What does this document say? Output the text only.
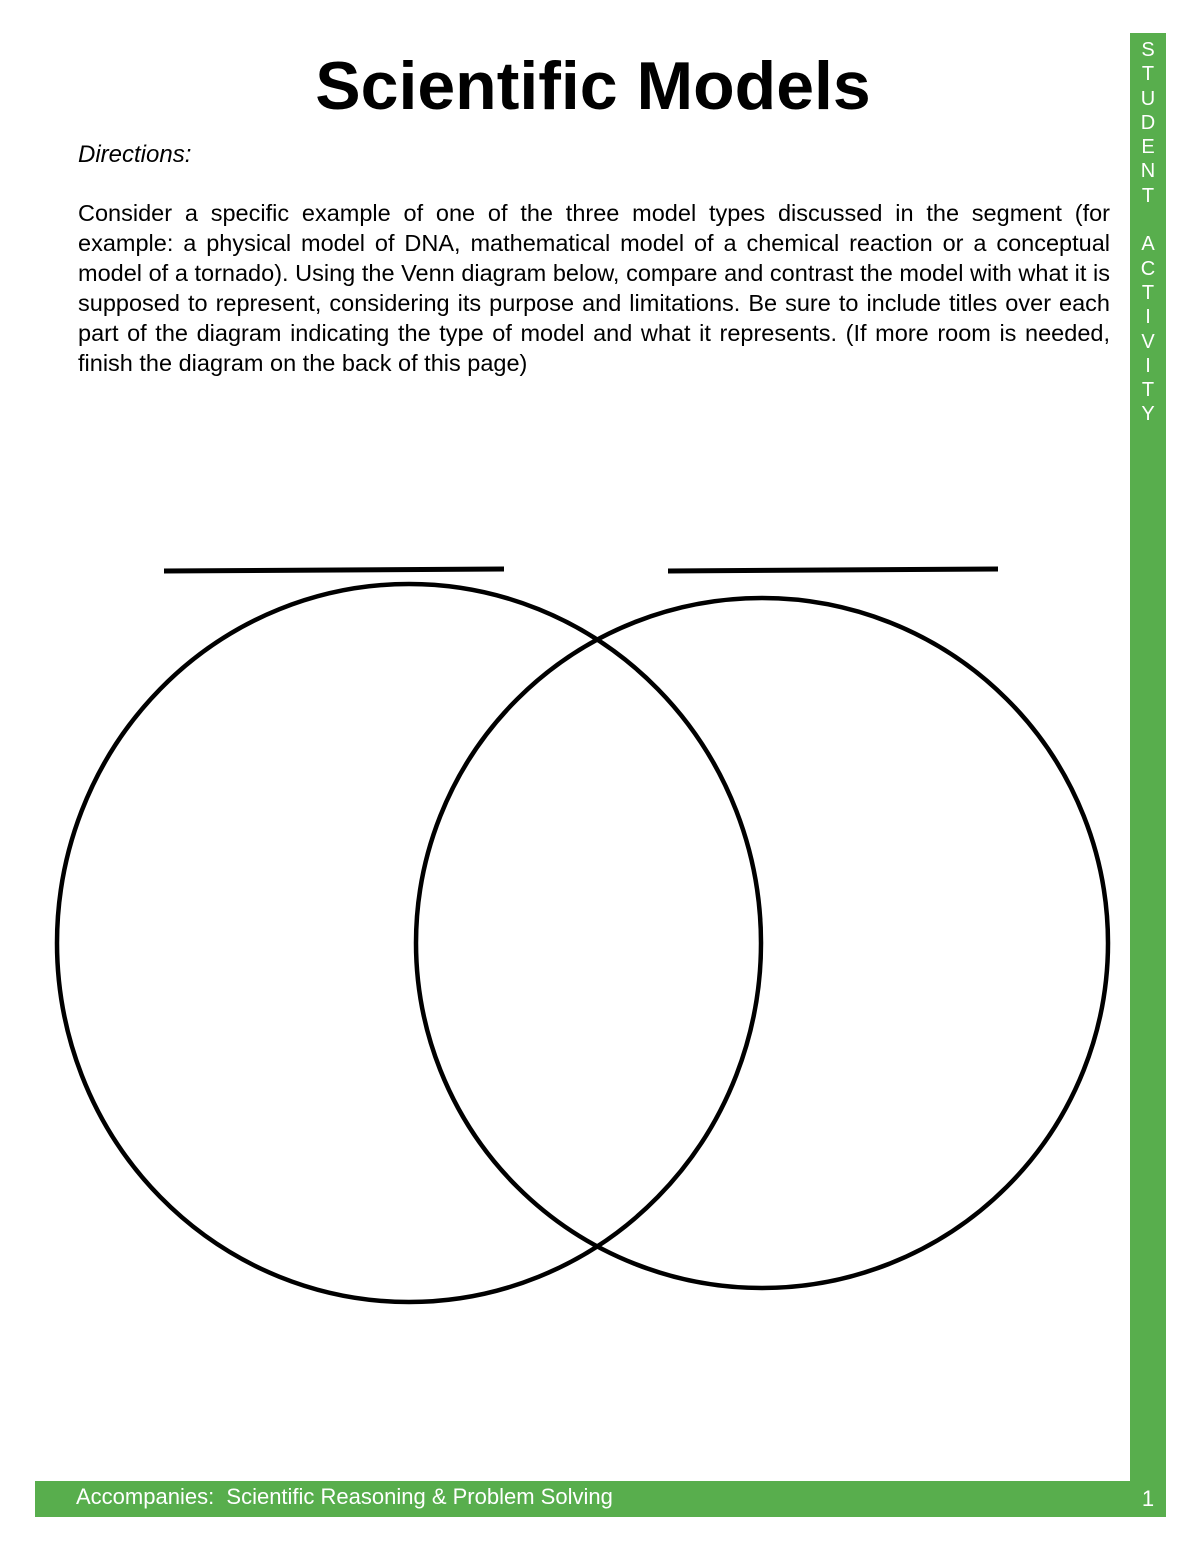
Scientific Models
Directions:
Consider a specific example of one of the three model types discussed in the segment (for example: a physical model of DNA, mathematical model of a chemical reaction or a conceptual model of a tornado). Using the Venn diagram below, compare and contrast the model with what it is supposed to represent, considering its purpose and limitations. Be sure to include titles over each part of the diagram indicating the type of model and what it represents. (If more room is needed, finish the diagram on the back of this page)
S
T
U
D
E
N
T
A
C
T
I
V
I
T
Y
Accompanies:  Scientific Reasoning & Problem Solving	1
